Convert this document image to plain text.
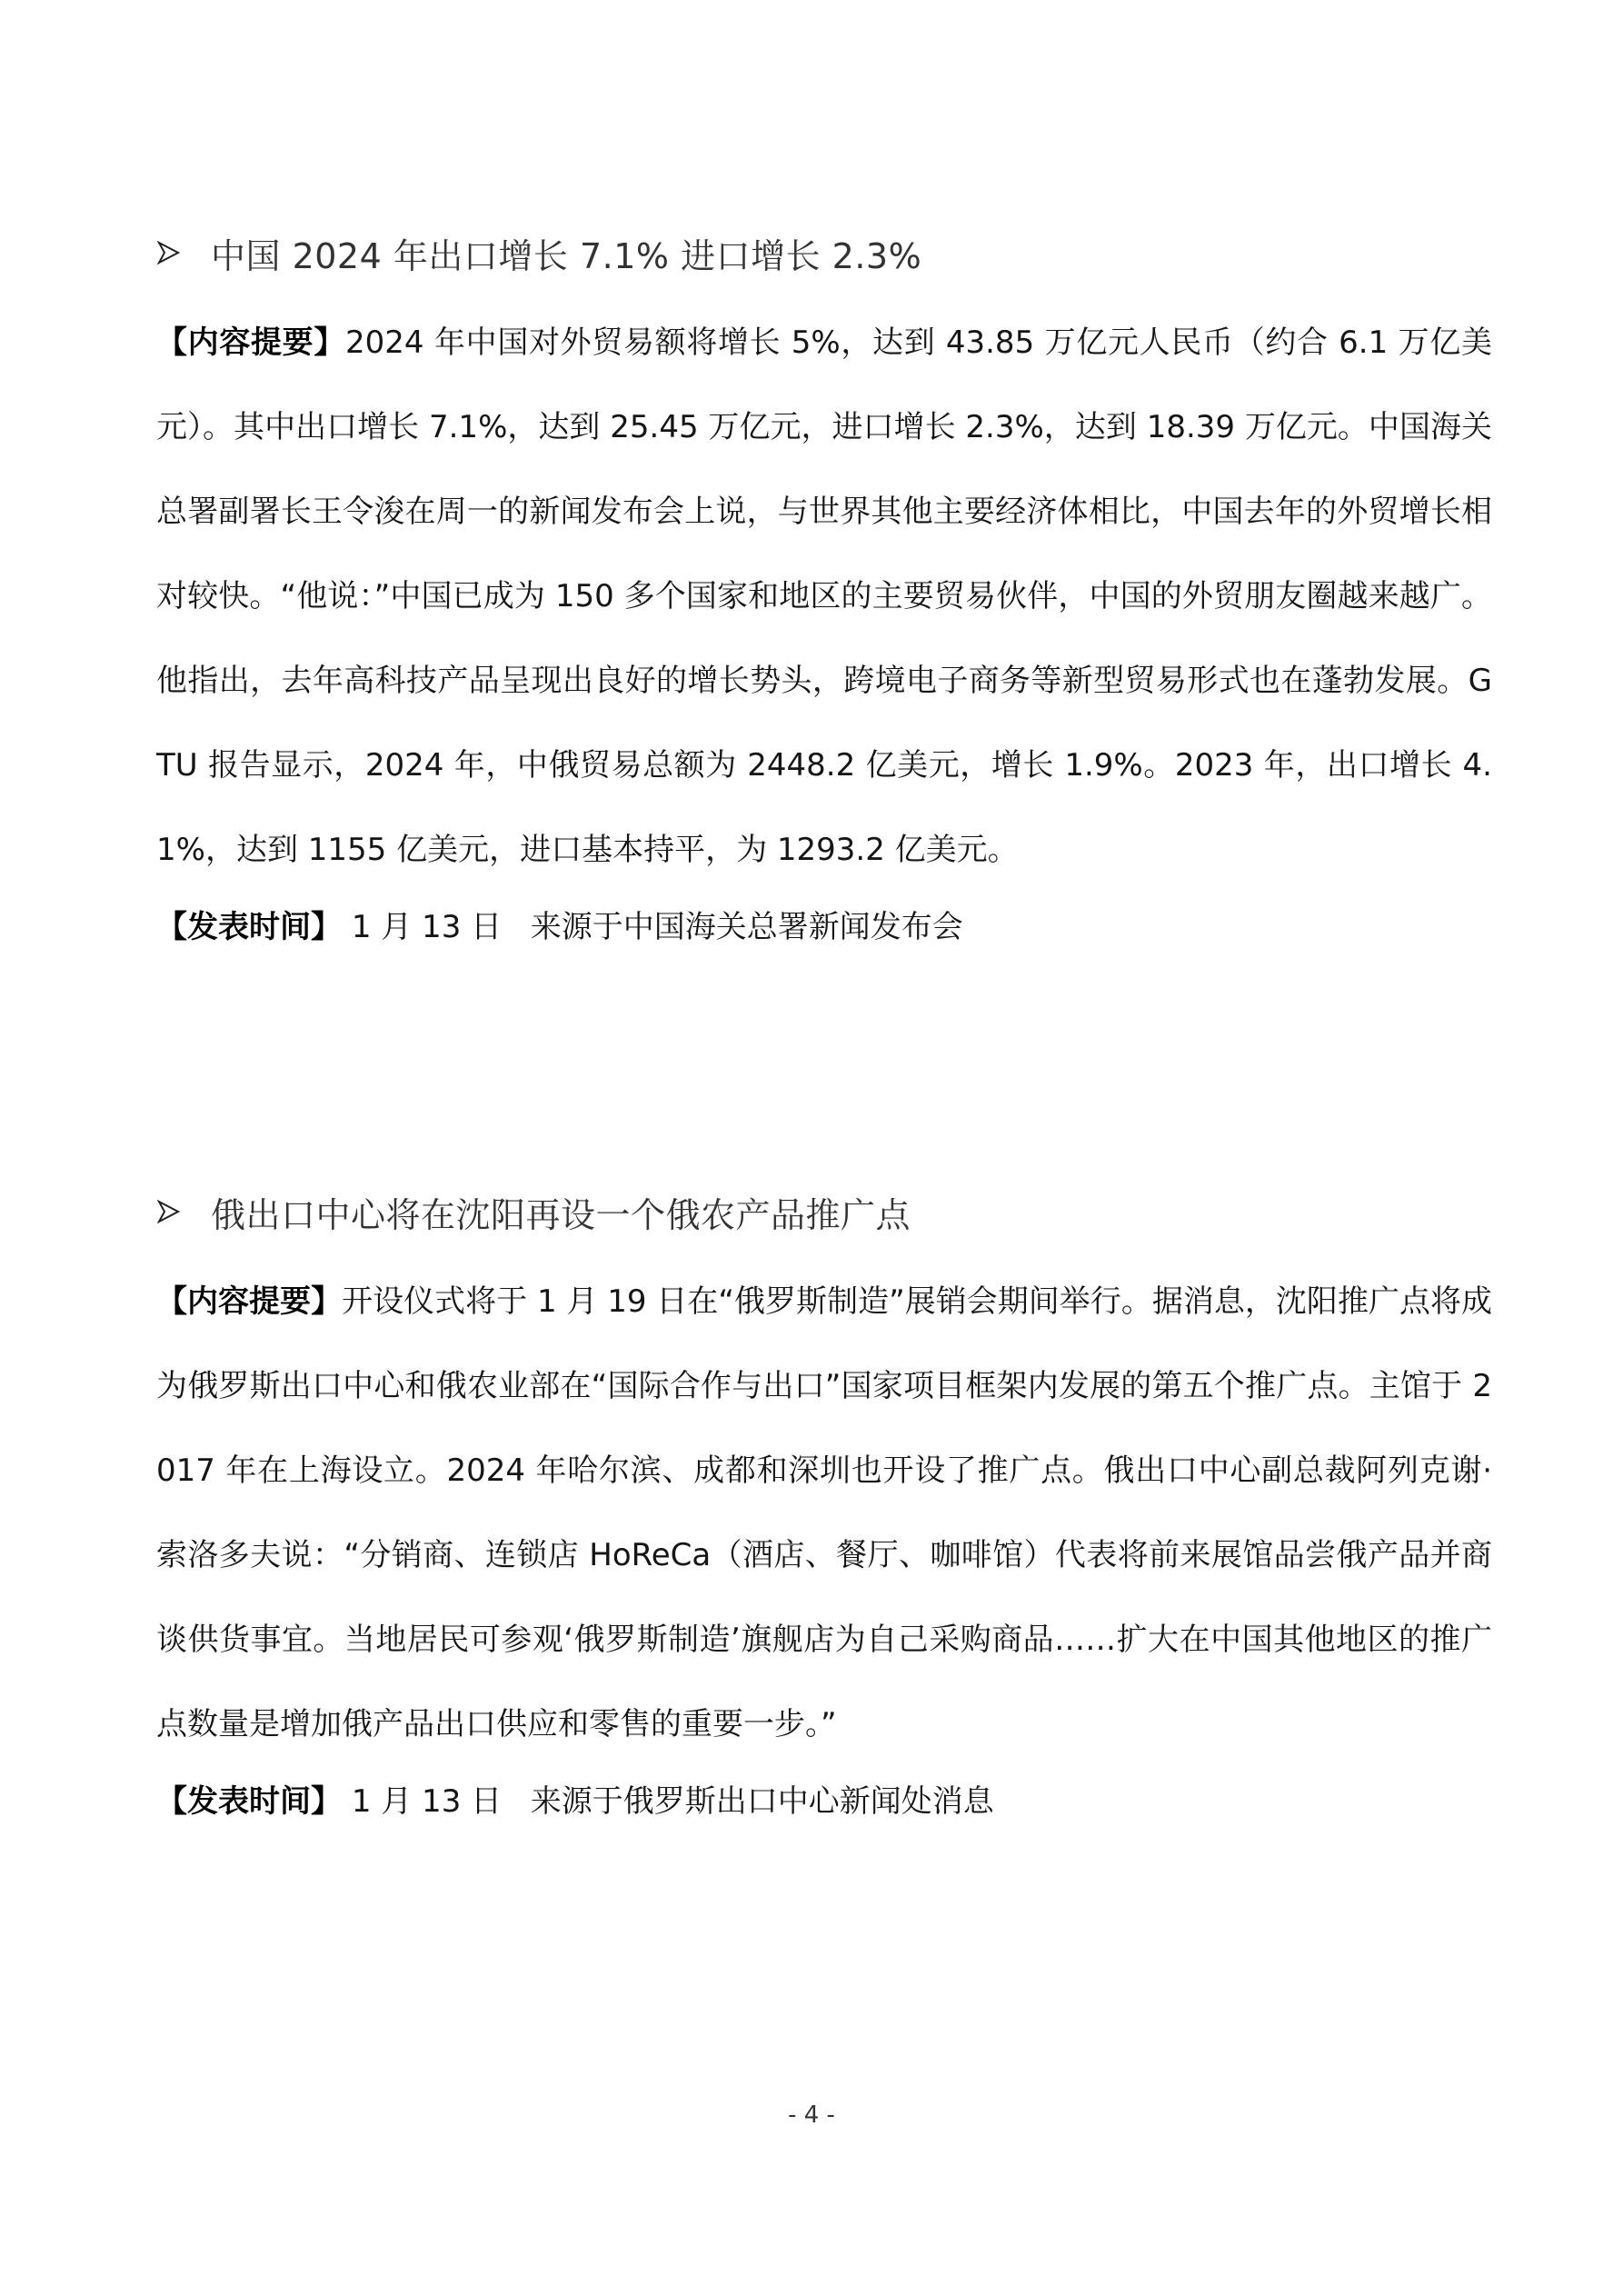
中国 2024 年出口增长 7.1% 进口增长 2.3%
【内容提要】2024 年中国对外贸易额将增长 5%，达到 43.85 万亿元人民币（约合 6.1 万亿美元）。其中出口增长 7.1%，达到 25.45 万亿元，进口增长 2.3%，达到 18.39 万亿元。中国海关总署副署长王令浚在周一的新闻发布会上说，与世界其他主要经济体相比，中国去年的外贸增长相对较快。“他说：”中国已成为 150 多个国家和地区的主要贸易伙伴，中国的外贸朋友圈越来越广。他指出，去年高科技产品呈现出良好的增长势头，跨境电子商务等新型贸易形式也在蓬勃发展。GTU 报告显示，2024 年，中俄贸易总额为 2448.2 亿美元，增长 1.9%。2023 年，出口增长 4.1%，达到 1155 亿美元，进口基本持平，为 1293.2 亿美元。
【发表时间】 1 月 13 日 来源于中国海关总署新闻发布会
俄出口中心将在沈阳再设一个俄农产品推广点
【内容提要】开设仪式将于 1 月 19 日在“俄罗斯制造”展销会期间举行。据消息，沈阳推广点将成为俄罗斯出口中心和俄农业部在“国际合作与出口”国家项目框架内发展的第五个推广点。主馆于 2017 年在上海设立。2024 年哈尔滨、成都和深圳也开设了推广点。俄出口中心副总裁阿列克谢·索洛多夫说：“分销商、连锁店 HoReCa（酒店、餐厅、咖啡馆）代表将前来展馆品尝俄产品并商谈供货事宜。当地居民可参观‘俄罗斯制造’旗舰店为自己采购商品……扩大在中国其他地区的推广点数量是增加俄产品出口供应和零售的重要一步。”
【发表时间】 1 月 13 日 来源于俄罗斯出口中心新闻处消息
- 4 -
